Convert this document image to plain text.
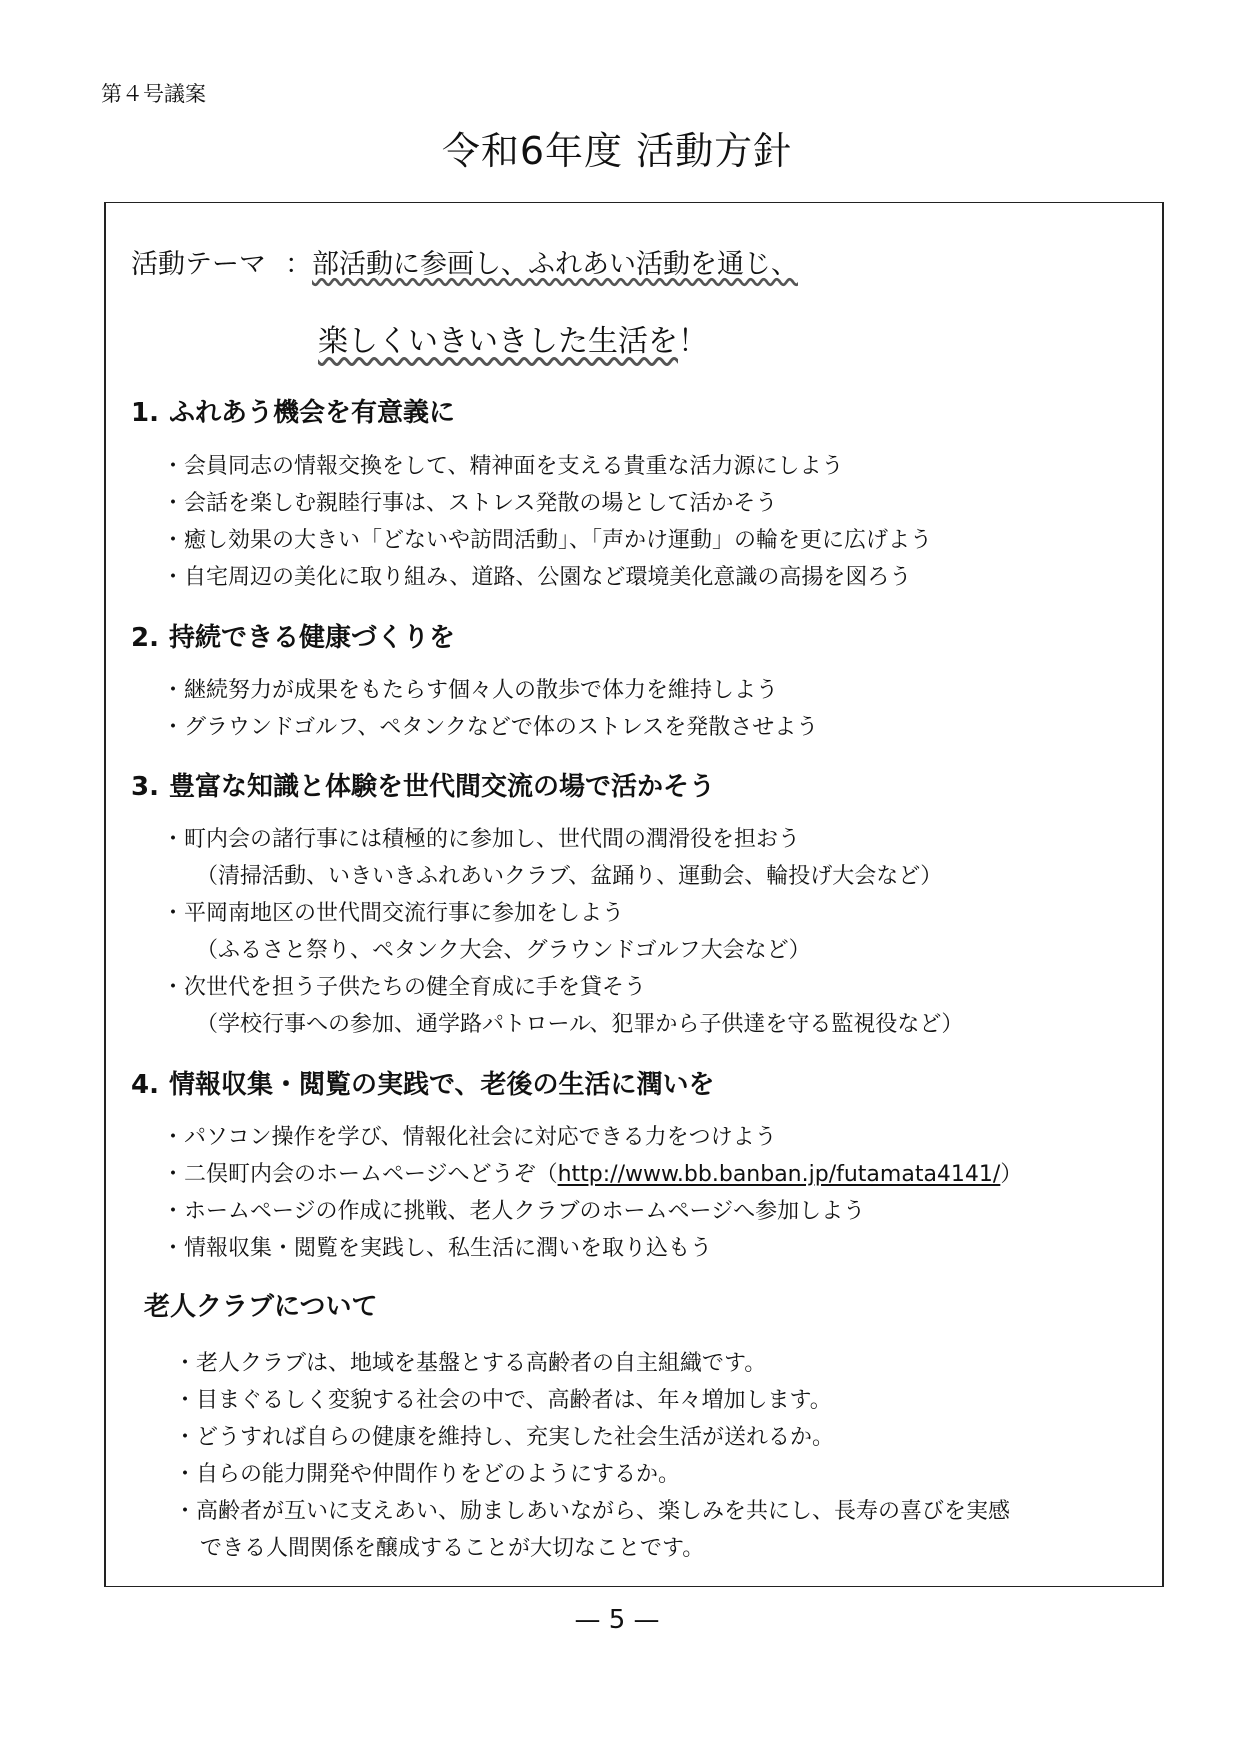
第４号議案
令和6年度 活動方針
活動テーマ ：部活動に参画し、ふれあい活動を通じ、
楽しくいきいきした生活を！
1. ふれあう機会を有意義に
・会員同志の情報交換をして、精神面を支える貴重な活力源にしよう
・会話を楽しむ親睦行事は、ストレス発散の場として活かそう
・癒し効果の大きい「どないや訪問活動」、「声かけ運動」の輪を更に広げよう
・自宅周辺の美化に取り組み、道路、公園など環境美化意識の高揚を図ろう
2. 持続できる健康づくりを
・継続努力が成果をもたらす個々人の散歩で体力を維持しよう
・グラウンドゴルフ、ペタンクなどで体のストレスを発散させよう
3. 豊富な知識と体験を世代間交流の場で活かそう
・町内会の諸行事には積極的に参加し、世代間の潤滑役を担おう
（清掃活動、いきいきふれあいクラブ、盆踊り、運動会、輪投げ大会など）
・平岡南地区の世代間交流行事に参加をしよう
（ふるさと祭り、ペタンク大会、グラウンドゴルフ大会など）
・次世代を担う子供たちの健全育成に手を貸そう
（学校行事への参加、通学路パトロール、犯罪から子供達を守る監視役など）
4. 情報収集・閲覧の実践で、老後の生活に潤いを
・パソコン操作を学び、情報化社会に対応できる力をつけよう
・二俣町内会のホームページへどうぞ（http://www.bb.banban.jp/futamata4141/）
・ホームページの作成に挑戦、老人クラブのホームページへ参加しよう
・情報収集・閲覧を実践し、私生活に潤いを取り込もう
老人クラブについて
・老人クラブは、地域を基盤とする高齢者の自主組織です。
・目まぐるしく変貌する社会の中で、高齢者は、年々増加します。
・どうすれば自らの健康を維持し、充実した社会生活が送れるか。
・自らの能力開発や仲間作りをどのようにするか。
・高齢者が互いに支えあい、励ましあいながら、楽しみを共にし、長寿の喜びを実感
できる人間関係を醸成することが大切なことです。
— 5 —
